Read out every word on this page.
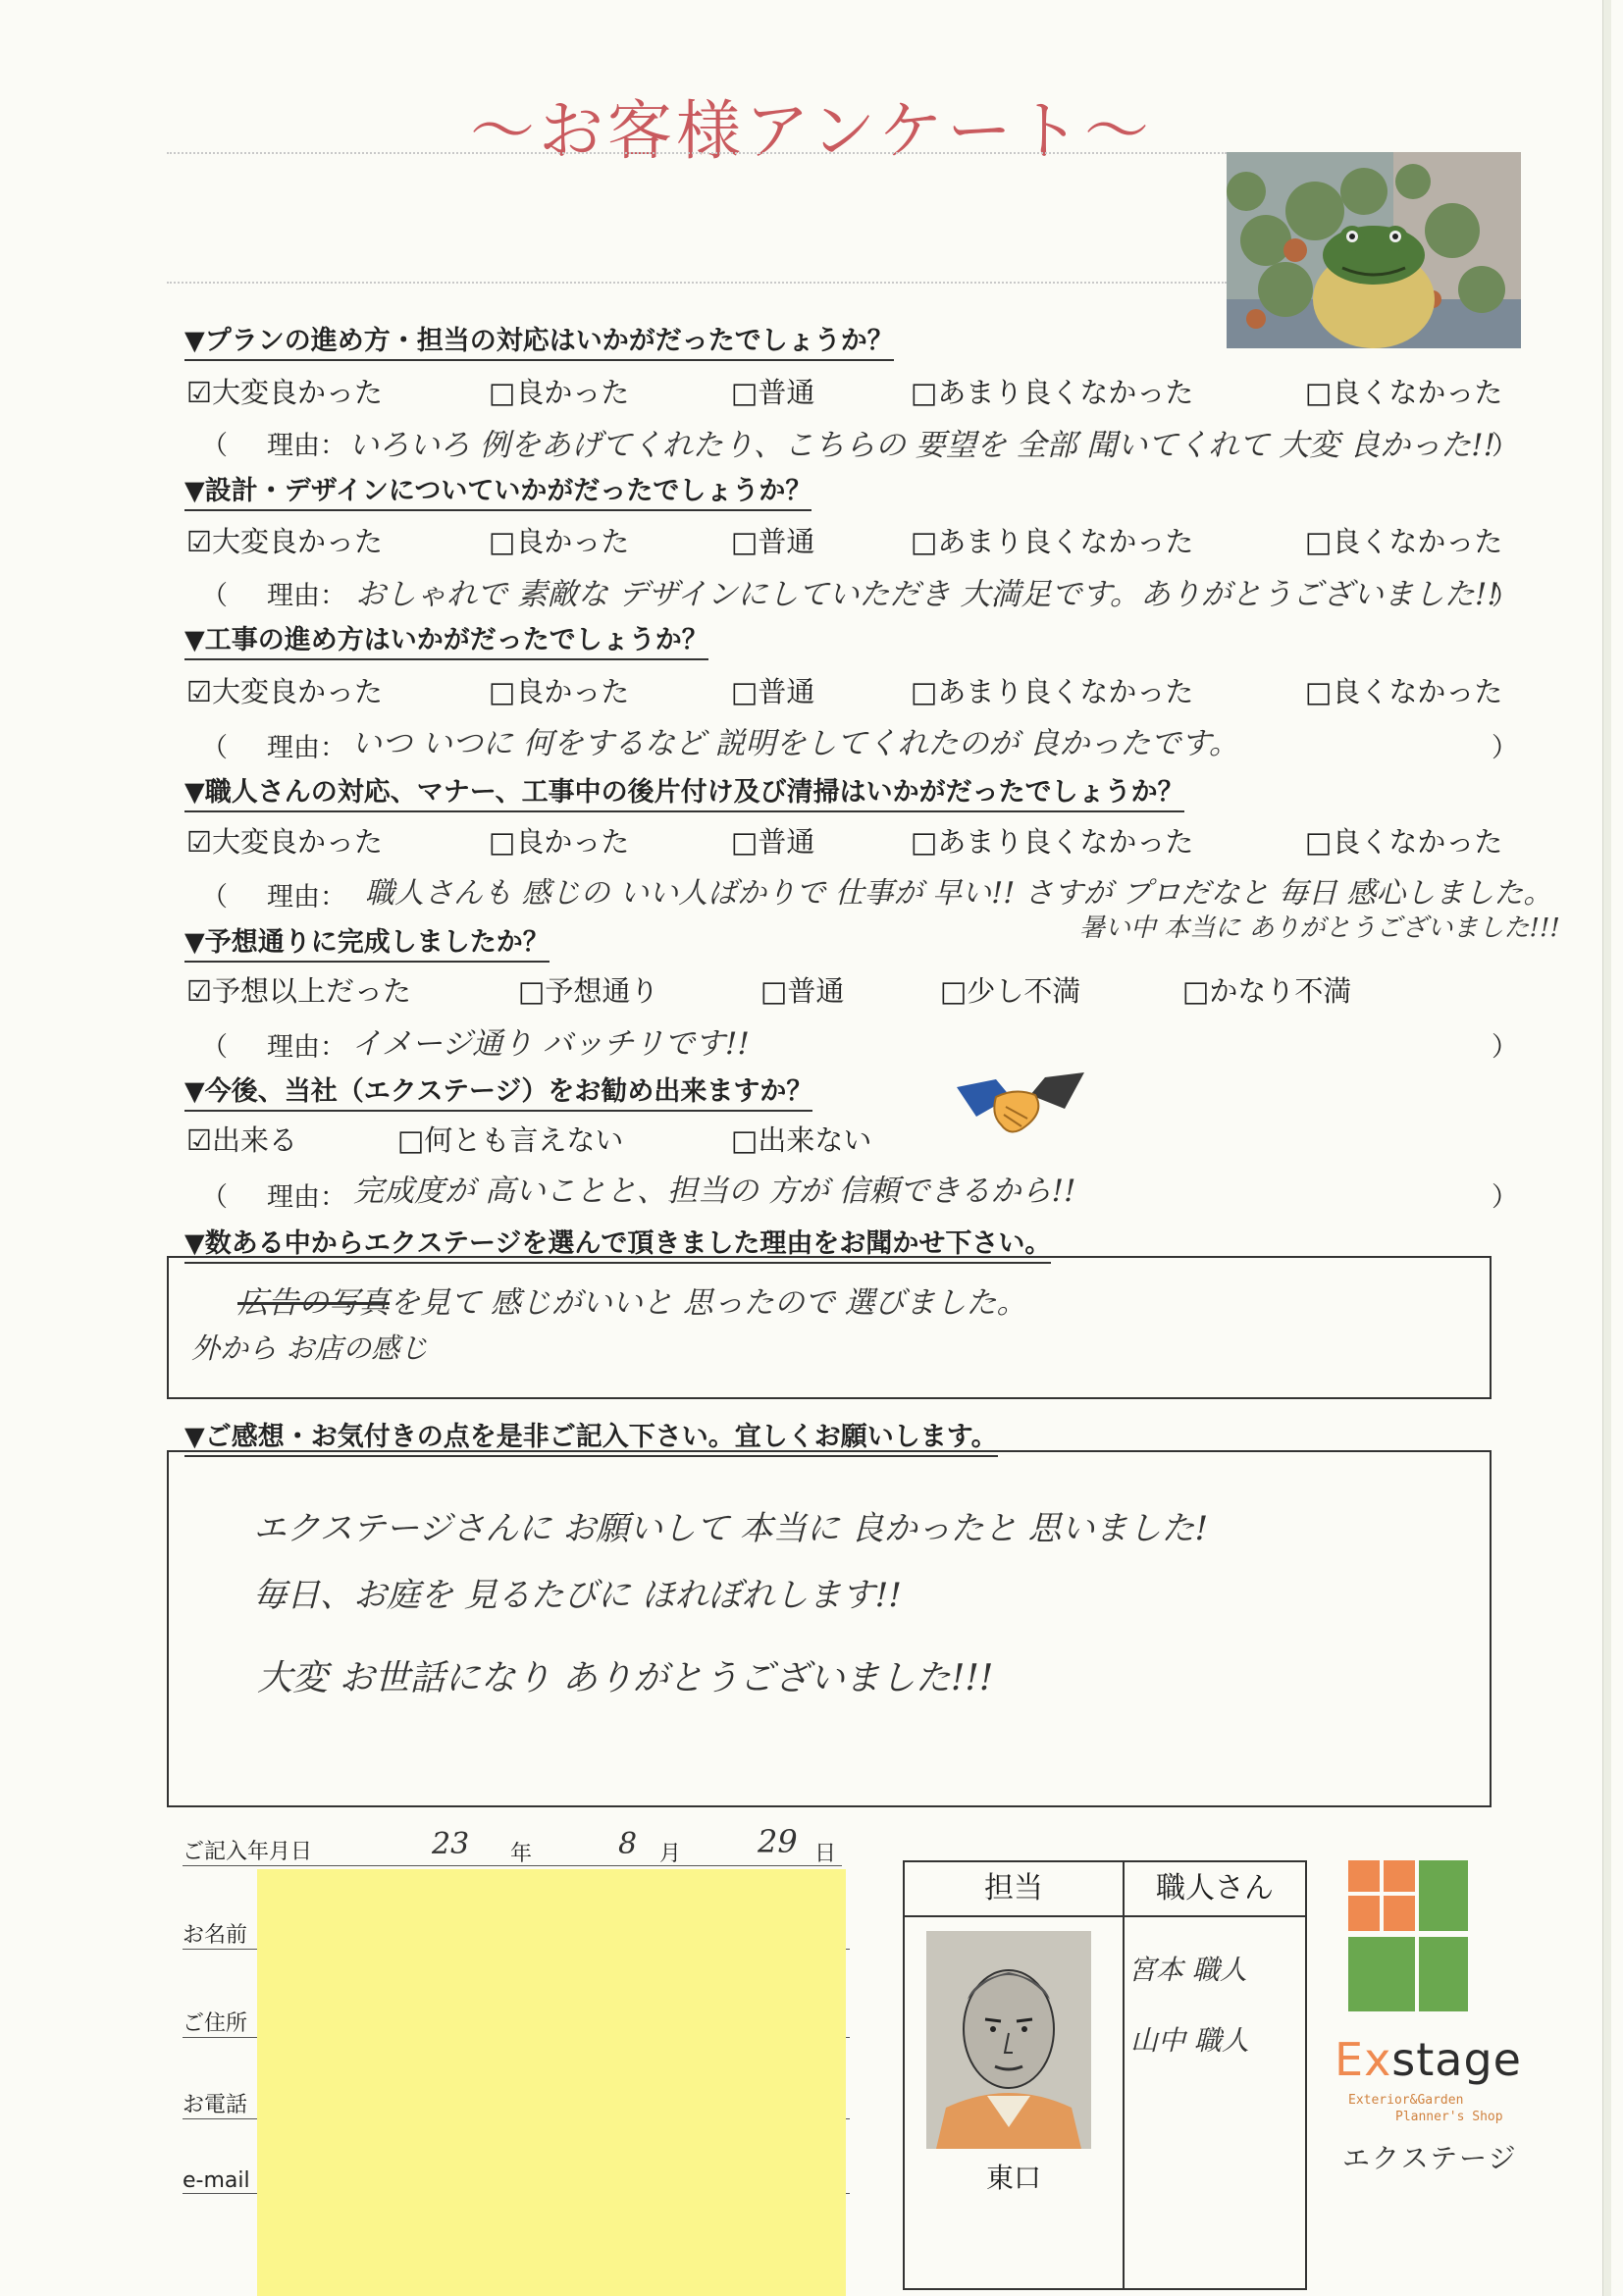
～お客様アンケート～
▼プランの進め方・担当の対応はいかがだったでしょうか？
☑大変良かった	□良かった	□普通	□あまり良くなかった	□良くなかった
（ 理由： いろいろ 例をあげてくれたり、こちらの 要望を 全部 聞いてくれて 大変 良かった!!
）
▼設計・デザインについていかがだったでしょうか？
☑大変良かった	□良かった	□普通	□あまり良くなかった	□良くなかった
（ 理由： おしゃれで 素敵な デザインにしていただき 大満足です。ありがとうございました!!
）
▼工事の進め方はいかがだったでしょうか？
☑大変良かった	□良かった	□普通	□あまり良くなかった	□良くなかった
（ 理由： いつ いつに 何をするなど 説明をしてくれたのが 良かったです。	）
▼職人さんの対応、マナー、工事中の後片付け及び清掃はいかがだったでしょうか？
☑大変良かった	□良かった	□普通	□あまり良くなかった	□良くなかった
（ 理由： 職人さんも 感じの いい人ばかりで 仕事が 早い!! さすが プロだなと 毎日 感心しました。
暑い中 本当に ありがとうございました!!!
▼予想通りに完成しましたか？
☑予想以上だった	□予想通り	□普通	□少し不満	□かなり不満
（ 理由： イメージ通り バッチリです!!	）
▼今後、当社（エクステージ）をお勧め出来ますか？
☑出来る	□何とも言えない	□出来ない
（ 理由： 完成度が 高いことと、担当の 方が 信頼できるから!!	）
▼数ある中からエクステージを選んで頂きました理由をお聞かせ下さい。
広告の写真を見て 感じがいいと 思ったので 選びました。
外から お店の感じ
▼ご感想・お気付きの点を是非ご記入下さい。宜しくお願いします。
エクステージさんに お願いして 本当に 良かったと 思いました!
毎日、お庭を 見るたびに ほれぼれします!!
大変 お世話になり ありがとうございました!!!
ご記入年月日	23 年	8 月 29 日
お名前
ご住所
お電話
e-mail
担当	職人さん
東口
宮本 職人
山中 職人 Exstage
Exterior&Garden
Planner's Shop
エクステージ
